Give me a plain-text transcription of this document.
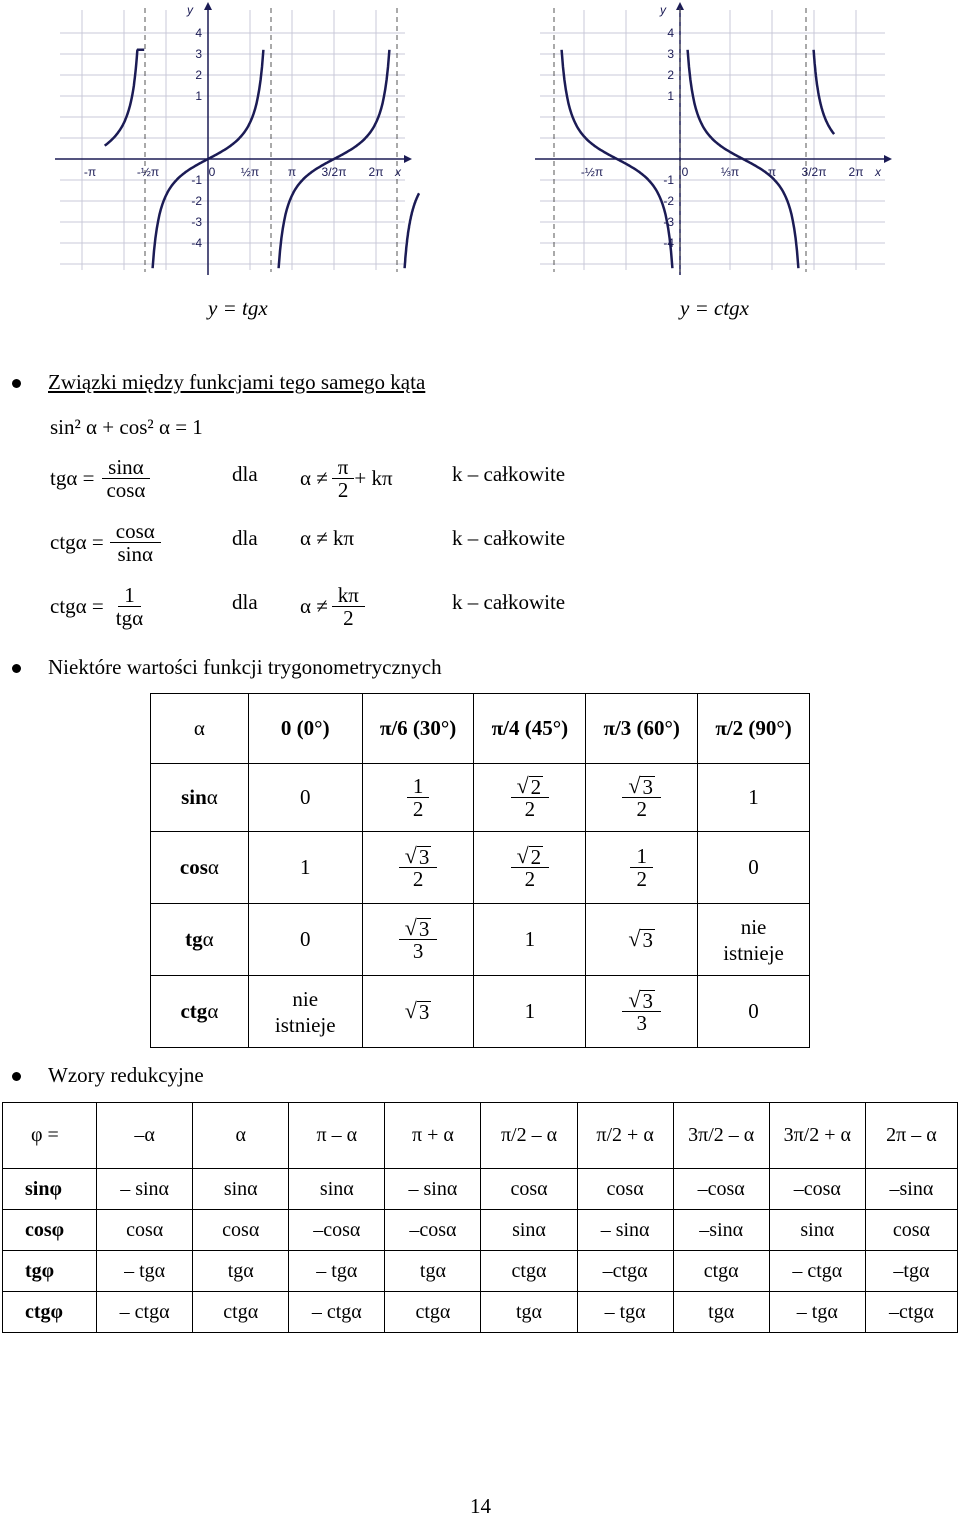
y
x
4
3
2
1
-1
-2
-3
-4
-π	-½π	0 ½π π 3/2π 2π
y
x
4
3
2
1
-1
-2
-3
-4
-½π	0	⅓π π 3/2π 2π
y = tgx	y = ctgx
Związki między funkcjami tego samego kąta
sin² α + cos² α = 1
$tg\alpha = \frac{\sin\alpha}{\cos\alpha}$	dla $\alpha \ne \frac{\pi}{2} + k\pi$	k – całkowite
$ctg\alpha = \frac{\cos\alpha}{\sin\alpha}$	dla α ≠ kπ	k – całkowite
$ctg\alpha = \frac{1}{\text{tgα}}$	dla $\alpha \ne \frac{k\pi}{2}$	k – całkowite
Niektóre wartości funkcji trygonometrycznych
α	0 (0°)	π/6 (30°)	π/4 (45°)	π/3 (60°)	π/2 (90°)
sinα	0	$\frac{1}{2}$	$\frac{√ 2}{2}$	$\frac{√ 3}{2}$	1
cosα	1	$\frac{√ 3}{2}$	$\frac{√ 2}{2}$	$\frac{1}{2}$	0
tgα	0	$\frac{√ 3}{3}$	1	√ 3	nie
istnieje
ctgα	nie
istnieje	√ 3	1	$\frac{√ 3}{3}$	0
Wzory redukcyjne
φ =	–α	α	π – α	π + α	π/2 – α	π/2 + α	3π/2 – α	3π/2 + α	2π – α
sinφ	– sinα	sinα	sinα	– sinα	cosα	cosα	–cosα	–cosα	–sinα
cosφ	cosα	cosα	–cosα	–cosα	sinα	– sinα	–sinα	sinα	cosα
tgφ	– tgα	tgα	– tgα	tgα	ctgα	–ctgα	ctgα	– ctgα	–tgα
ctgφ	– ctgα	ctgα	– ctgα	ctgα	tgα	– tgα	tgα	– tgα	–ctgα
14
